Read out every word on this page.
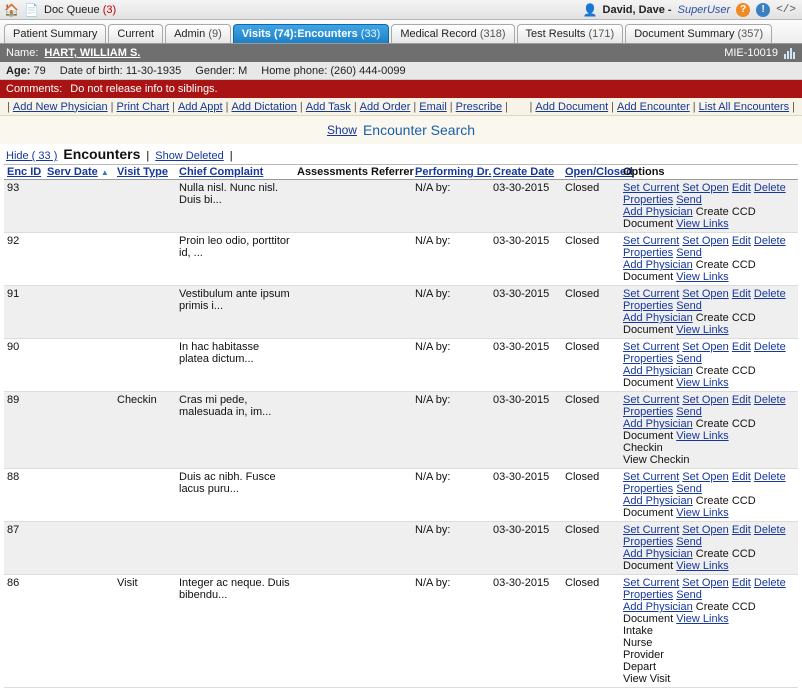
🏠 📄 Doc Queue (3)	👤 David, Dave - SuperUser ?	!	</>
Patient Summary	Current	Admin (9)	Visits (74):Encounters (33)	Medical Record (318)	Test Results (171)	Document Summary (357)
Name: HART, WILLIAM S.	MIE-10019
Age: 79 Date of birth: 11-30-1935 Gender: M Home phone: (260) 444-0099
Comments: Do not release info to siblings.
| Add New Physician | Print Chart | Add Appt | Add Dictation | Add Task | Add Order | Email | Prescribe | | Add Document | Add Encounter | List All Encounters |
Show Encounter Search
Hide ( 33 ) Encounters | Show Deleted |
Enc ID	Serv Date ▲	Visit Type	Chief Complaint	Assessments	Referrer	Performing Dr.	Create Date	Open/Closed	Options
93			Nulla nisl. Nunc nisl. Duis bi...			N/A by:	03-30-2015	Closed	Set Current Set Open Edit Delete Properties Send
Add Physician Create CCD Document View Links

92			Proin leo odio, porttitor id, ...			N/A by:	03-30-2015	Closed	Set Current Set Open Edit Delete Properties Send
Add Physician Create CCD Document View Links

91			Vestibulum ante ipsum primis i...			N/A by:	03-30-2015	Closed	Set Current Set Open Edit Delete Properties Send
Add Physician Create CCD Document View Links

90			In hac habitasse platea dictum...			N/A by:	03-30-2015	Closed	Set Current Set Open Edit Delete Properties Send
Add Physician Create CCD Document View Links

89		Checkin	Cras mi pede, malesuada in, im...			N/A by:	03-30-2015	Closed	Set Current Set Open Edit Delete Properties Send
Add Physician Create CCD Document View Links
Checkin
View Checkin

88			Duis ac nibh. Fusce lacus puru...			N/A by:	03-30-2015	Closed	Set Current Set Open Edit Delete Properties Send
Add Physician Create CCD Document View Links

87						N/A by:	03-30-2015	Closed	Set Current Set Open Edit Delete Properties Send
Add Physician Create CCD Document View Links

86		Visit	Integer ac neque. Duis bibendu...			N/A by:	03-30-2015	Closed	Set Current Set Open Edit Delete Properties Send
Add Physician Create CCD Document View Links
Intake
Nurse
Provider
Depart
View Visit
